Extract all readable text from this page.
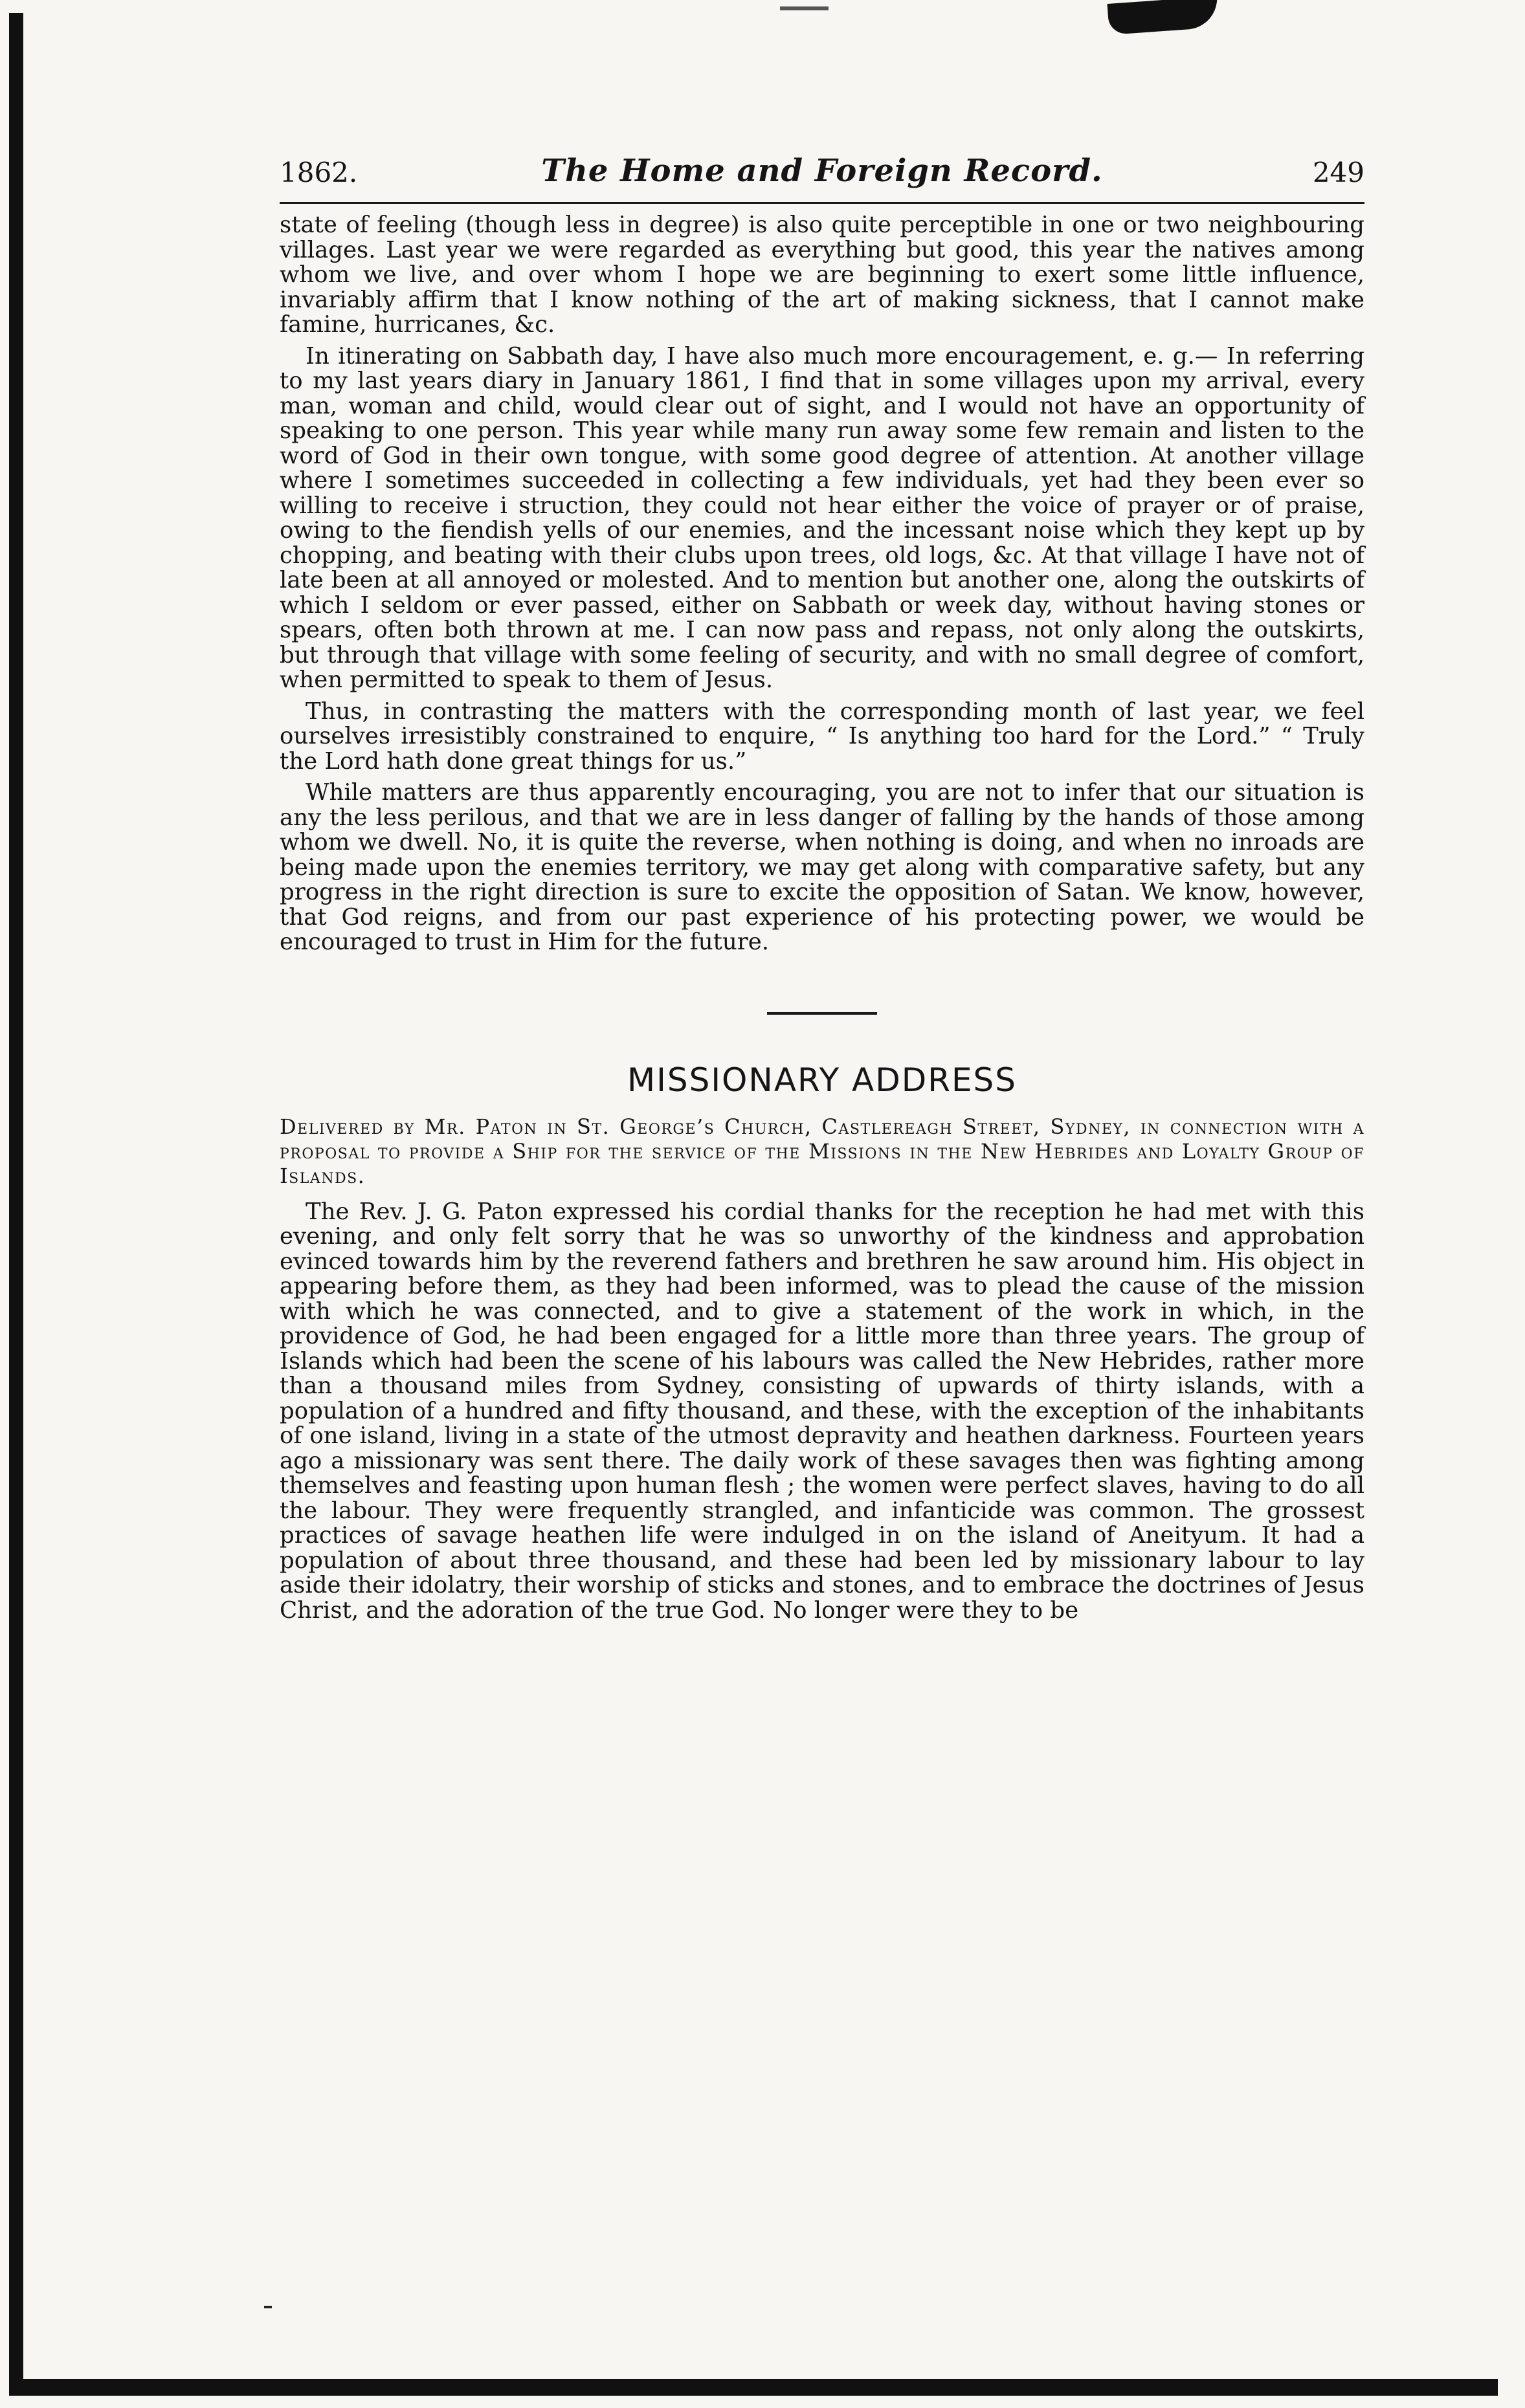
1862.	The Home and Foreign Record.	249

state of feeling (though less in degree) is also quite perceptible in one or two neighbouring villages. Last year we were regarded as everything but good, this year the natives among whom we live, and over whom I hope we are beginning to exert some little influence, invariably affirm that I know nothing of the art of making sickness, that I cannot make famine, hurricanes, &c.

In itinerating on Sabbath day, I have also much more encouragement, e. g.— In referring to my last years diary in January 1861, I find that in some villages upon my arrival, every man, woman and child, would clear out of sight, and I would not have an opportunity of speaking to one person. This year while many run away some few remain and listen to the word of God in their own tongue, with some good degree of attention. At another village where I sometimes succeeded in collecting a few individuals, yet had they been ever so willing to receive i struction, they could not hear either the voice of prayer or of praise, owing to the fiendish yells of our enemies, and the incessant noise which they kept up by chopping, and beating with their clubs upon trees, old logs, &c. At that village I have not of late been at all annoyed or molested. And to mention but another one, along the outskirts of which I seldom or ever passed, either on Sabbath or week day, without having stones or spears, often both thrown at me. I can now pass and repass, not only along the outskirts, but through that village with some feeling of security, and with no small degree of comfort, when permitted to speak to them of Jesus.

Thus, in contrasting the matters with the corresponding month of last year, we feel ourselves irresistibly constrained to enquire, “ Is anything too hard for the Lord.” “ Truly the Lord hath done great things for us.”

While matters are thus apparently encouraging, you are not to infer that our situation is any the less perilous, and that we are in less danger of falling by the hands of those among whom we dwell. No, it is quite the reverse, when nothing is doing, and when no inroads are being made upon the enemies territory, we may get along with comparative safety, but any progress in the right direction is sure to excite the opposition of Satan. We know, however, that God reigns, and from our past experience of his protecting power, we would be encouraged to trust in Him for the future.

MISSIONARY ADDRESS
Delivered by Mr. Paton in St. George’s Church, Castlereagh Street, Sydney, in connection with a proposal to provide a Ship for the service of the Missions in the New Hebrides and Loyalty Group of Islands.

The Rev. J. G. Paton expressed his cordial thanks for the reception he had met with this evening, and only felt sorry that he was so unworthy of the kindness and approbation evinced towards him by the reverend fathers and brethren he saw around him. His object in appearing before them, as they had been informed, was to plead the cause of the mission with which he was connected, and to give a statement of the work in which, in the providence of God, he had been engaged for a little more than three years. The group of Islands which had been the scene of his labours was called the New Hebrides, rather more than a thousand miles from Sydney, consisting of upwards of thirty islands, with a population of a hundred and fifty thousand, and these, with the exception of the inhabitants of one island, living in a state of the utmost depravity and heathen darkness. Fourteen years ago a missionary was sent there. The daily work of these savages then was fighting among themselves and feasting upon human flesh ; the women were perfect slaves, having to do all the labour. They were frequently strangled, and infanticide was common. The grossest practices of savage heathen life were indulged in on the island of Aneityum. It had a population of about three thousand, and these had been led by missionary labour to lay aside their idolatry, their worship of sticks and stones, and to embrace the doctrines of Jesus Christ, and the adoration of the true God. No longer were they to be
